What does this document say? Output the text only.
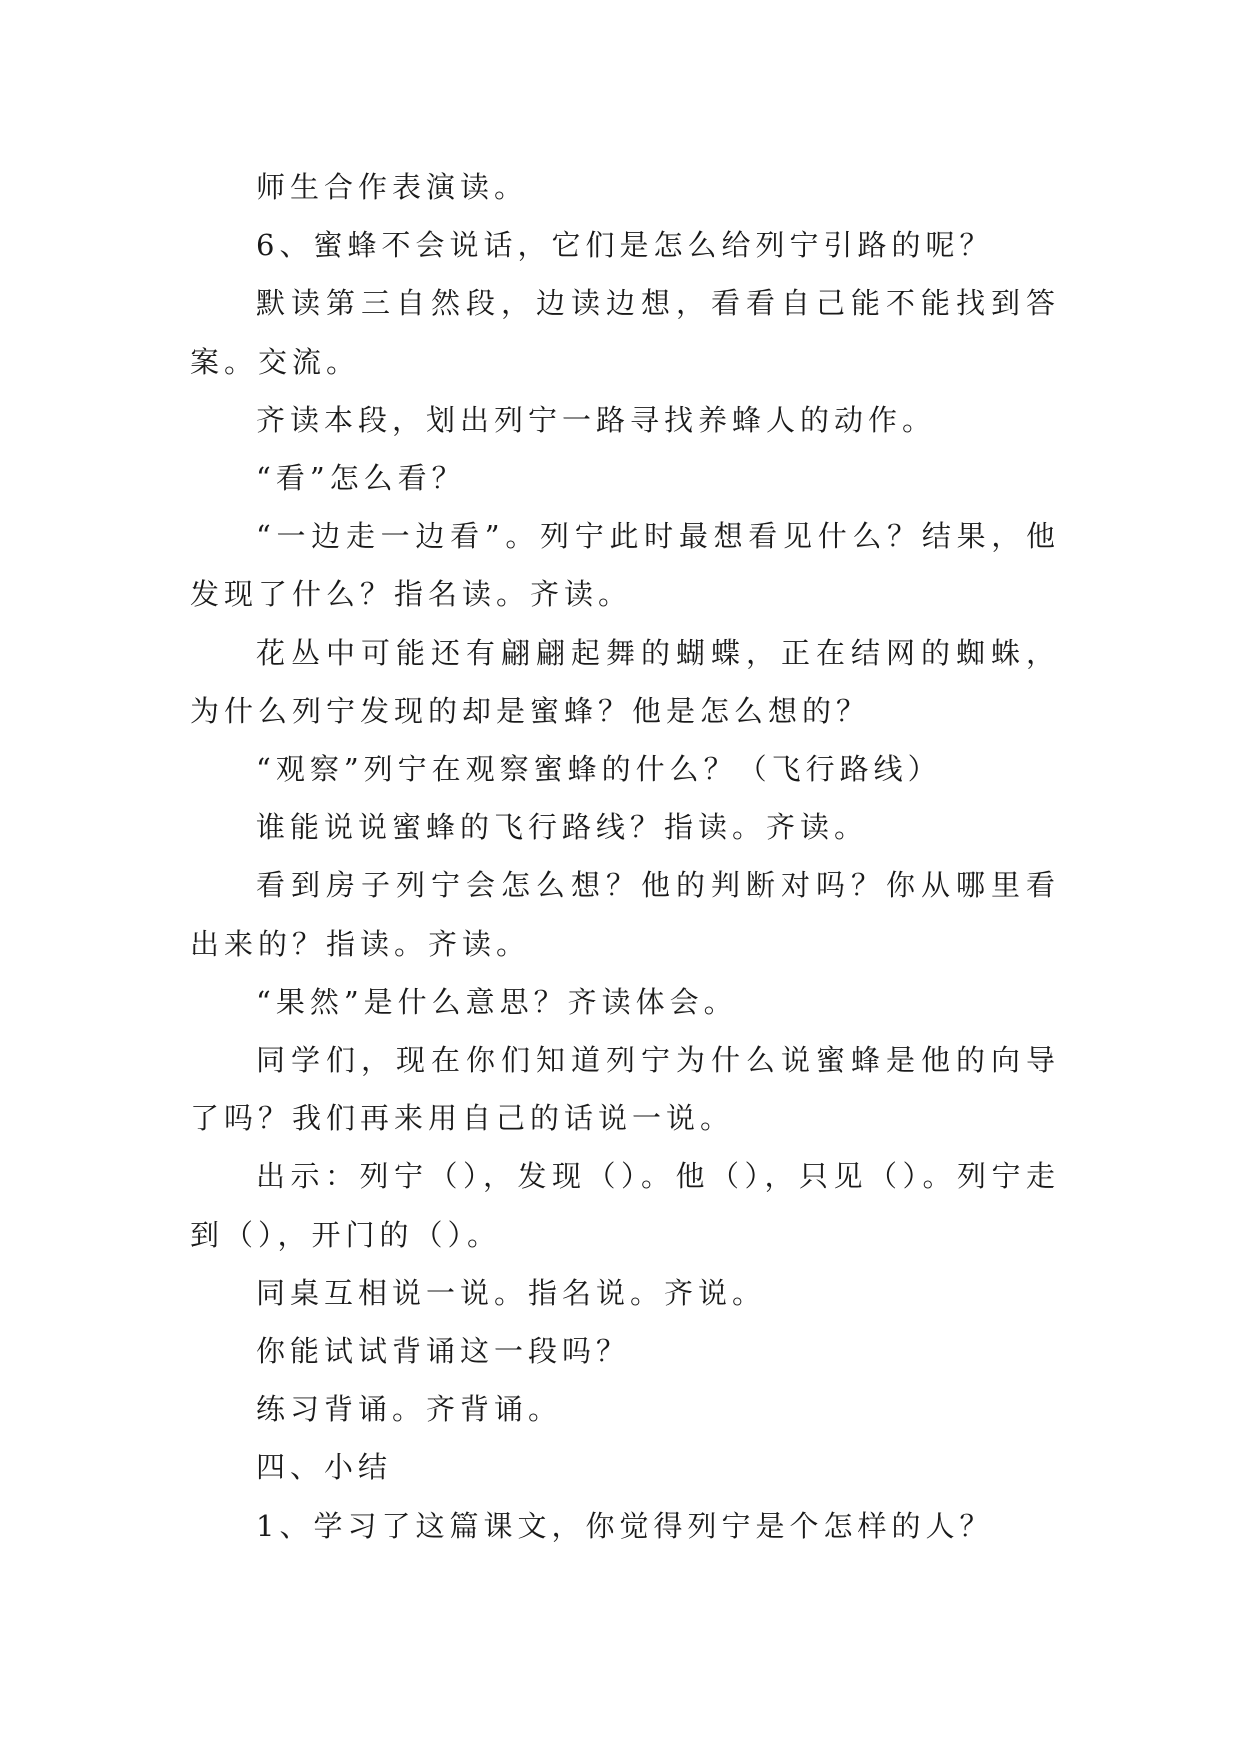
师生合作表演读。

6、蜜蜂不会说话，它们是怎么给列宁引路的呢？

默读第三自然段，边读边想，看看自己能不能找到答案。交流。

齐读本段，划出列宁一路寻找养蜂人的动作。

“看”怎么看？

“一边走一边看”。列宁此时最想看见什么？结果，他发现了什么？指名读。齐读。

花丛中可能还有翩翩起舞的蝴蝶，正在结网的蜘蛛，为什么列宁发现的却是蜜蜂？他是怎么想的？

“观察”列宁在观察蜜蜂的什么？（飞行路线）

谁能说说蜜蜂的飞行路线？指读。齐读。

看到房子列宁会怎么想？他的判断对吗？你从哪里看出来的？指读。齐读。

“果然”是什么意思？齐读体会。

同学们，现在你们知道列宁为什么说蜜蜂是他的向导了吗？我们再来用自己的话说一说。

出示：列宁（），发现（）。他（），只见（）。列宁走到（），开门的（）。

同桌互相说一说。指名说。齐说。

你能试试背诵这一段吗？

练习背诵。齐背诵。

四、小结

1、学习了这篇课文，你觉得列宁是个怎样的人？
